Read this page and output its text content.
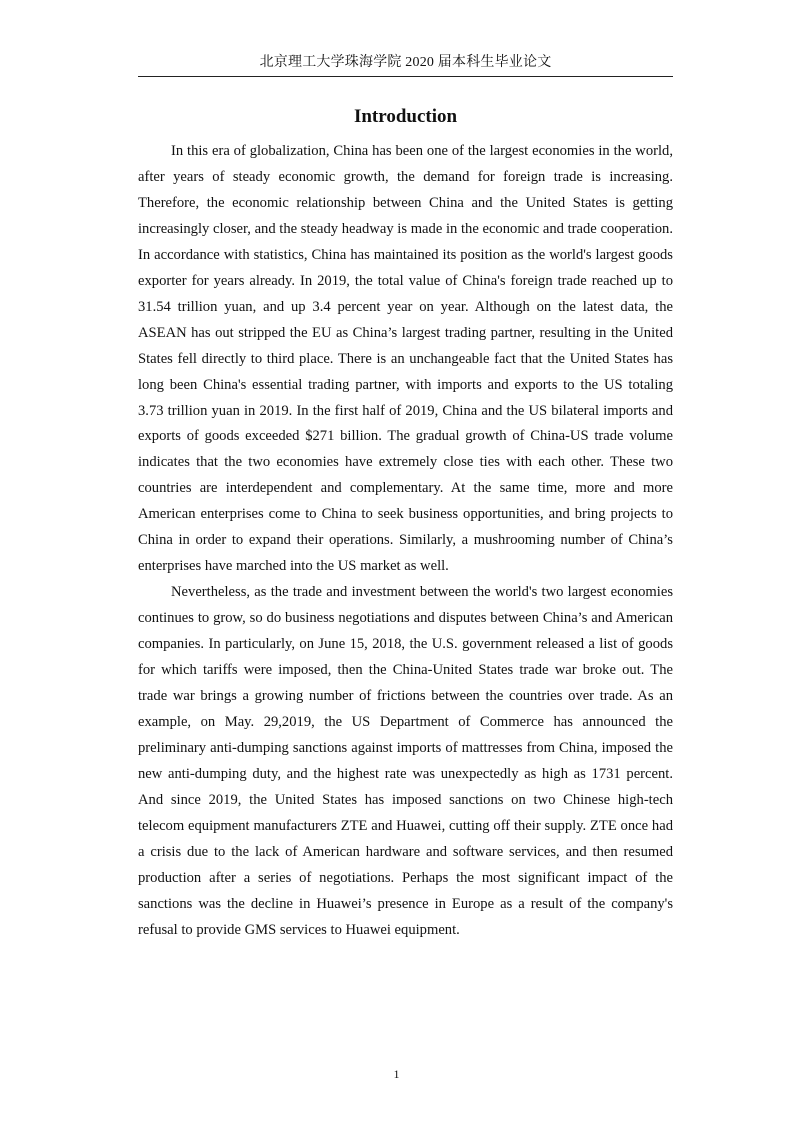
北京理工大学珠海学院 2020 届本科生毕业论文
Introduction

In this era of globalization, China has been one of the largest economies in the world, after years of steady economic growth, the demand for foreign trade is increasing. Therefore, the economic relationship between China and the United States is getting increasingly closer, and the steady headway is made in the economic and trade cooperation. In accordance with statistics, China has maintained its position as the world's largest goods exporter for years already. In 2019, the total value of China's foreign trade reached up to 31.54 trillion yuan, and up 3.4 percent year on year. Although on the latest data, the ASEAN has out stripped the EU as China’s largest trading partner, resulting in the United States fell directly to third place. There is an unchangeable fact that the United States has long been China's essential trading partner, with imports and exports to the US totaling 3.73 trillion yuan in 2019. In the first half of 2019, China and the US bilateral imports and exports of goods exceeded $271 billion. The gradual growth of China-US trade volume indicates that the two economies have extremely close ties with each other. These two countries are interdependent and complementary. At the same time, more and more American enterprises come to China to seek business opportunities, and bring projects to China in order to expand their operations. Similarly, a mushrooming number of China’s enterprises have marched into the US market as well.

Nevertheless, as the trade and investment between the world's two largest economies continues to grow, so do business negotiations and disputes between China’s and American companies. In particularly, on June 15, 2018, the U.S. government released a list of goods for which tariffs were imposed, then the China-United States trade war broke out. The trade war brings a growing number of frictions between the countries over trade. As an example, on May. 29,2019, the US Department of Commerce has announced the preliminary anti-dumping sanctions against imports of mattresses from China, imposed the new anti-dumping duty, and the highest rate was unexpectedly as high as 1731 percent. And since 2019, the United States has imposed sanctions on two Chinese high-tech telecom equipment manufacturers ZTE and Huawei, cutting off their supply. ZTE once had a crisis due to the lack of American hardware and software services, and then resumed production after a series of negotiations. Perhaps the most significant impact of the sanctions was the decline in Huawei’s presence in Europe as a result of the company's refusal to provide GMS services to Huawei equipment.

1
